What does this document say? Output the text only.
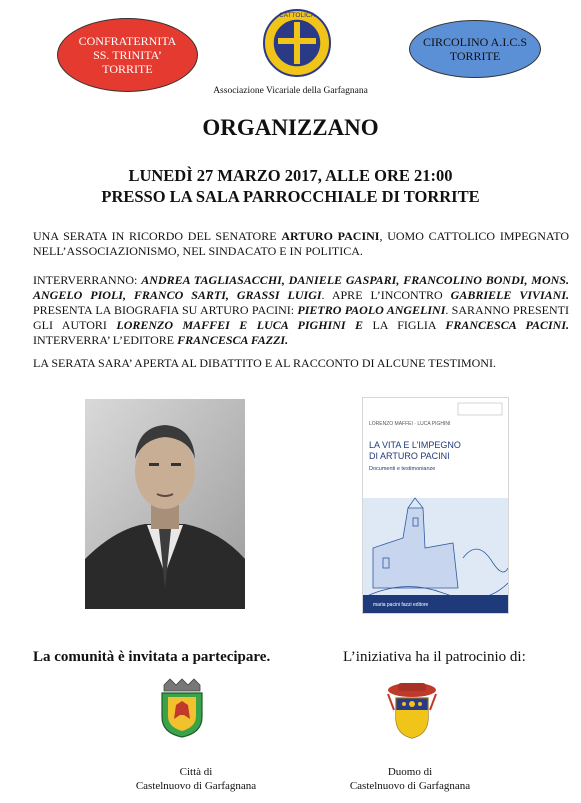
CONFRATERNITA
SS. TRINITA’
TORRITE
CATTOLICA
CIRCOLINO A.I.C.S
TORRITE
Associazione Vicariale della Garfagnana
ORGANIZZANO
LUNEDÌ 27 MARZO 2017, ALLE ORE 21:00
PRESSO LA SALA PARROCCHIALE DI TORRITE
UNA SERATA IN RICORDO DEL SENATORE ARTURO PACINI, UOMO CATTOLICO IMPEGNATO NELL’ASSOCIAZIONISMO, NEL SINDACATO E IN POLITICA.
INTERVERRANNO: ANDREA TAGLIASACCHI, DANIELE GASPARI, FRANCOLINO BONDI, MONS. ANGELO PIOLI, FRANCO SARTI, GRASSI LUIGI. APRE L’INCONTRO GABRIELE VIVIANI. PRESENTA LA BIOGRAFIA SU ARTURO PACINI: PIETRO PAOLO ANGELINI. SARANNO PRESENTI GLI AUTORI LORENZO MAFFEI E LUCA PIGHINI E LA FIGLIA FRANCESCA PACINI. INTERVERRA’ L’EDITORE FRANCESCA FAZZI.
LA SERATA SARA’ APERTA AL DIBATTITO E AL RACCONTO DI ALCUNE TESTIMONI.
LORENZO MAFFEI · LUCA PIGHINI
LA VITA E L’IMPEGNO
DI ARTURO PACINI
Documenti e testimonianze
maria pacini fazzi editore
La comunità è invitata a partecipare.	L’iniziativa ha il patrocinio di:
Città di
Castelnuovo di Garfagnana
Duomo di
Castelnuovo di Garfagnana
